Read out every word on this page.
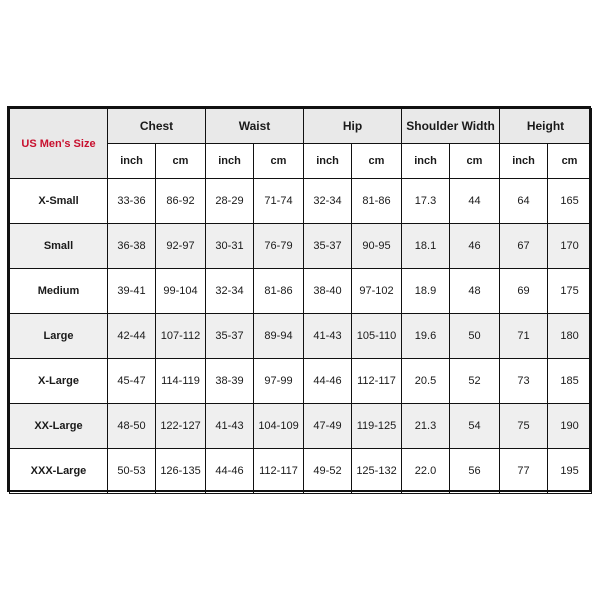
US Men's Size	Chest		Waist		Hip		Shoulder Width		Height	
	inch	cm	inch	cm	inch	cm	inch	cm	inch	cm
X-Small	33-36	86-92	28-29	71-74	32-34	81-86	17.3	44	64	165
Small	36-38	92-97	30-31	76-79	35-37	90-95	18.1	46	67	170
Medium	39-41	99-104	32-34	81-86	38-40	97-102	18.9	48	69	175
Large	42-44	107-112	35-37	89-94	41-43	105-110	19.6	50	71	180
X-Large	45-47	114-119	38-39	97-99	44-46	112-117	20.5	52	73	185
XX-Large	48-50	122-127	41-43	104-109	47-49	119-125	21.3	54	75	190
XXX-Large	50-53	126-135	44-46	112-117	49-52	125-132	22.0	56	77	195
